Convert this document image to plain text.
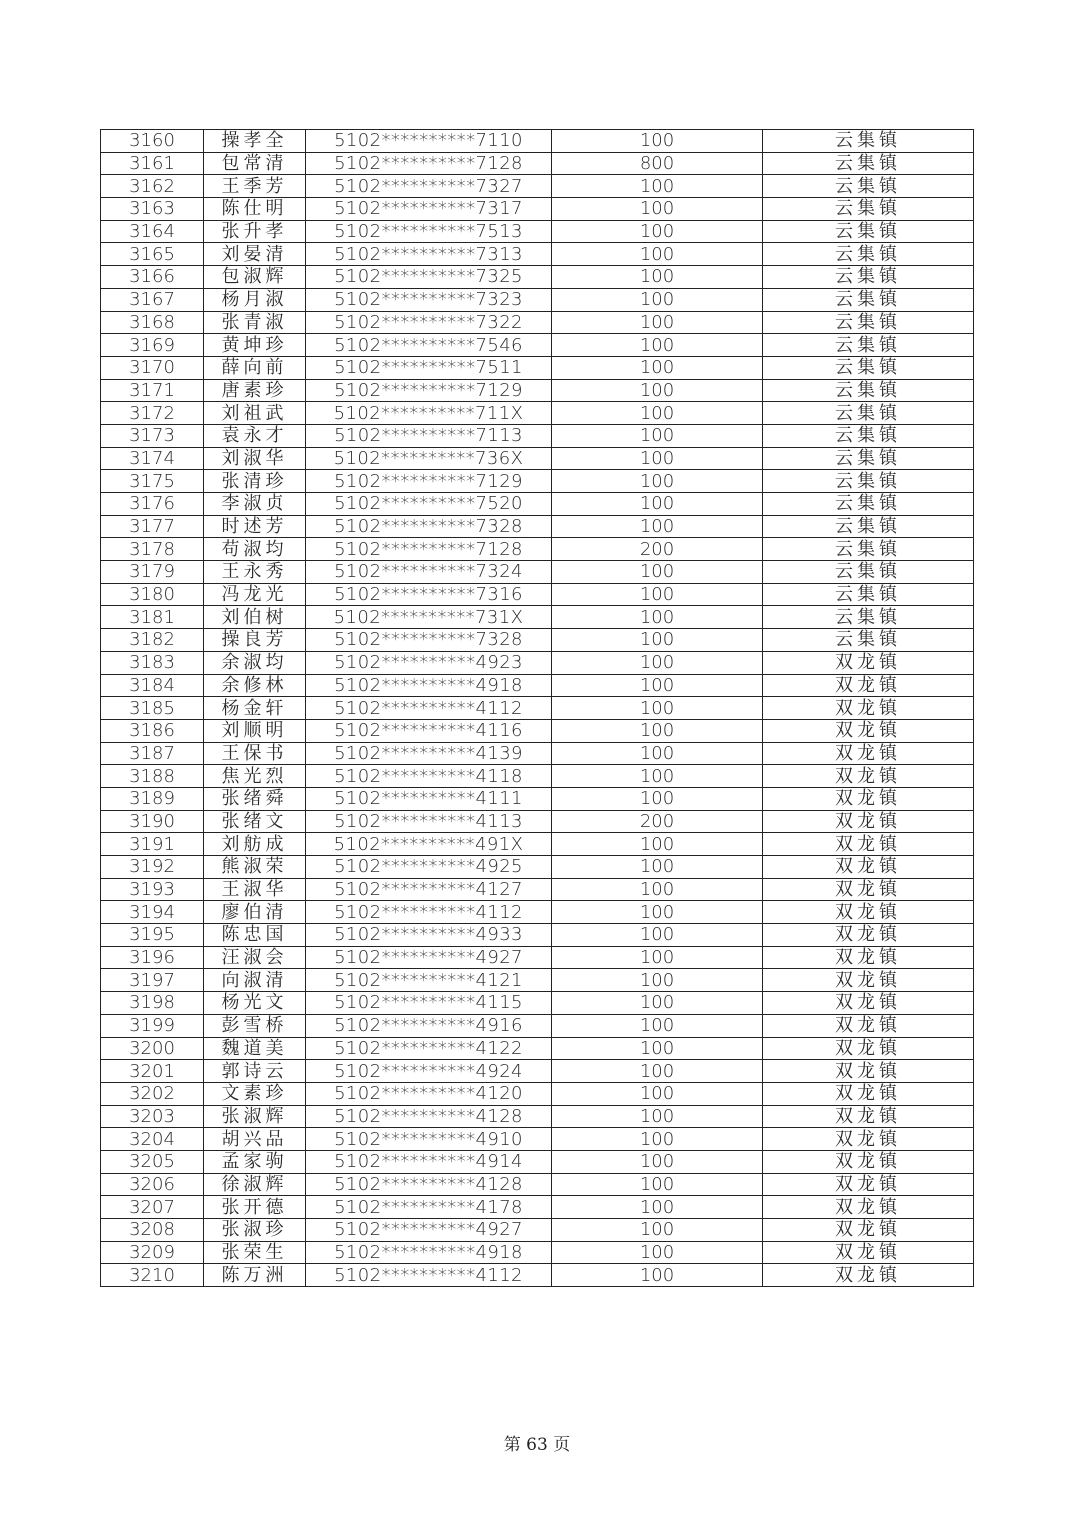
3160	操孝全	5102**********7110	100	云集镇
3161	包常清	5102**********7128	800	云集镇
3162	王季芳	5102**********7327	100	云集镇
3163	陈仕明	5102**********7317	100	云集镇
3164	张升孝	5102**********7513	100	云集镇
3165	刘晏清	5102**********7313	100	云集镇
3166	包淑辉	5102**********7325	100	云集镇
3167	杨月淑	5102**********7323	100	云集镇
3168	张青淑	5102**********7322	100	云集镇
3169	黄坤珍	5102**********7546	100	云集镇
3170	薛向前	5102**********7511	100	云集镇
3171	唐素珍	5102**********7129	100	云集镇
3172	刘祖武	5102**********711X	100	云集镇
3173	袁永才	5102**********7113	100	云集镇
3174	刘淑华	5102**********736X	100	云集镇
3175	张清珍	5102**********7129	100	云集镇
3176	李淑贞	5102**********7520	100	云集镇
3177	时述芳	5102**********7328	100	云集镇
3178	苟淑均	5102**********7128	200	云集镇
3179	王永秀	5102**********7324	100	云集镇
3180	冯龙光	5102**********7316	100	云集镇
3181	刘伯树	5102**********731X	100	云集镇
3182	操良芳	5102**********7328	100	云集镇
3183	余淑均	5102**********4923	100	双龙镇
3184	余修林	5102**********4918	100	双龙镇
3185	杨金轩	5102**********4112	100	双龙镇
3186	刘顺明	5102**********4116	100	双龙镇
3187	王保书	5102**********4139	100	双龙镇
3188	焦光烈	5102**********4118	100	双龙镇
3189	张绪舜	5102**********4111	100	双龙镇
3190	张绪文	5102**********4113	200	双龙镇
3191	刘舫成	5102**********491X	100	双龙镇
3192	熊淑荣	5102**********4925	100	双龙镇
3193	王淑华	5102**********4127	100	双龙镇
3194	廖伯清	5102**********4112	100	双龙镇
3195	陈忠国	5102**********4933	100	双龙镇
3196	汪淑会	5102**********4927	100	双龙镇
3197	向淑清	5102**********4121	100	双龙镇
3198	杨光文	5102**********4115	100	双龙镇
3199	彭雪桥	5102**********4916	100	双龙镇
3200	魏道美	5102**********4122	100	双龙镇
3201	郭诗云	5102**********4924	100	双龙镇
3202	文素珍	5102**********4120	100	双龙镇
3203	张淑辉	5102**********4128	100	双龙镇
3204	胡兴品	5102**********4910	100	双龙镇
3205	孟家驹	5102**********4914	100	双龙镇
3206	徐淑辉	5102**********4128	100	双龙镇
3207	张开德	5102**********4178	100	双龙镇
3208	张淑珍	5102**********4927	100	双龙镇
3209	张荣生	5102**********4918	100	双龙镇
3210	陈万洲	5102**********4112	100	双龙镇
第 63 页
